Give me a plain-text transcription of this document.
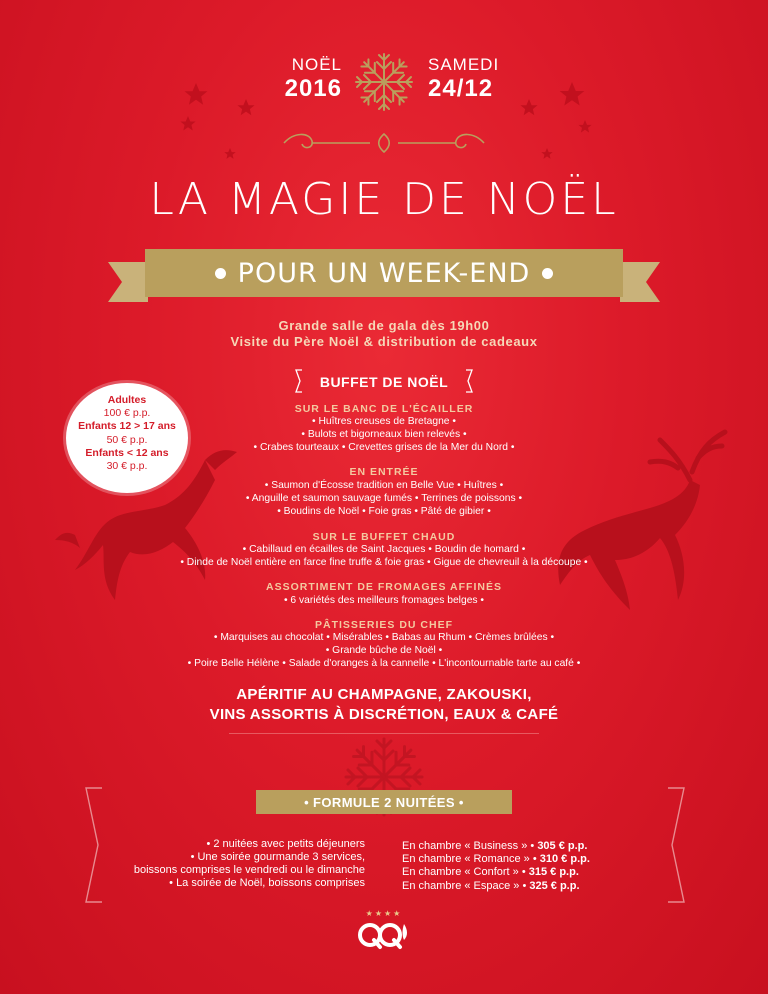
NOËL
2016
SAMEDI
24/12
LA MAGIE DE NOËL
POUR UN WEEK-END
Grande salle de gala dès 19h00
Visite du Père Noël & distribution de cadeaux
Adultes
100 € p.p.
Enfants 12 > 17 ans
50 € p.p.
Enfants < 12 ans
30 € p.p.
BUFFET DE NOËL
SUR LE BANC DE L'ÉCAILLER
• Huîtres creuses de Bretagne •
• Bulots et bigorneaux bien relevés •
• Crabes tourteaux • Crevettes grises de la Mer du Nord •
EN ENTRÉE
• Saumon d'Écosse tradition en Belle Vue • Huîtres •
• Anguille et saumon sauvage fumés • Terrines de poissons •
• Boudins de Noël • Foie gras • Pâté de gibier •
SUR LE BUFFET CHAUD
• Cabillaud en écailles de Saint Jacques • Boudin de homard •
• Dinde de Noël entière en farce fine truffe & foie gras • Gigue de chevreuil à la découpe •
ASSORTIMENT DE FROMAGES AFFINÉS
• 6 variétés des meilleurs fromages belges •
PÂTISSERIES DU CHEF
• Marquises au chocolat • Misérables • Babas au Rhum • Crèmes brûlées •
• Grande bûche de Noël •
• Poire Belle Hélène • Salade d'oranges à la cannelle • L'incontournable tarte au café •
APÉRITIF AU CHAMPAGNE, ZAKOUSKI,
VINS ASSORTIS À DISCRÉTION, EAUX & CAFÉ
• FORMULE 2 NUITÉES •
• 2 nuitées avec petits déjeuners
• Une soirée gourmande 3 services,
boissons comprises le vendredi ou le dimanche
• La soirée de Noël, boissons comprises
En chambre « Business » • 305 € p.p.
En chambre « Romance » • 310 € p.p.
En chambre « Confort » • 315 € p.p.
En chambre « Espace » • 325 € p.p.
★★★★
